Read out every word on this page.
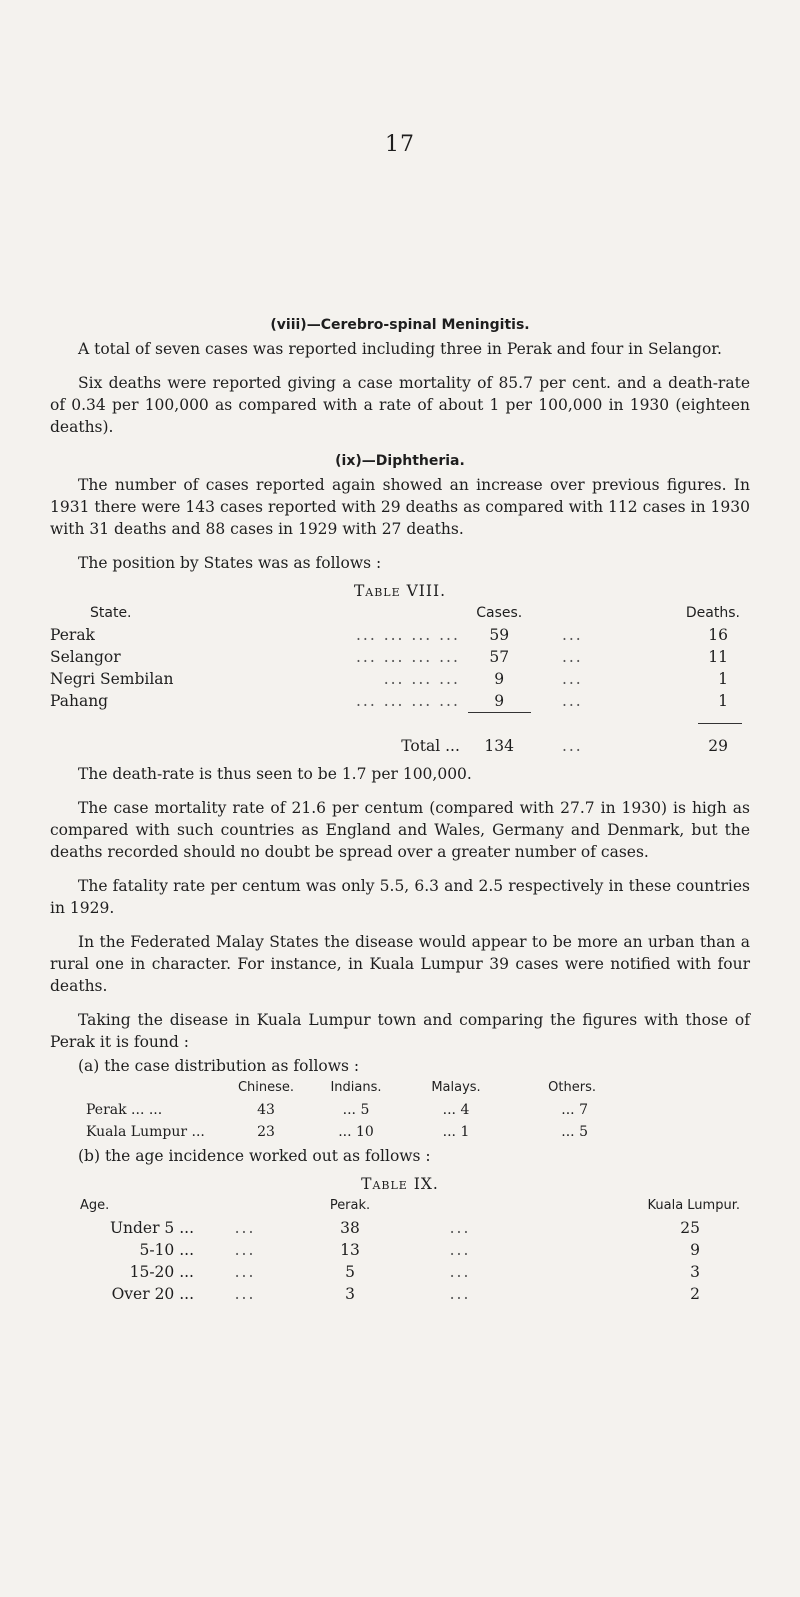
17
(viii)—Cerebro-spinal Meningitis.

A total of seven cases was reported including three in Perak and four in Selangor.

Six deaths were reported giving a case mortality of 85.7 per cent. and a death-rate of 0.34 per 100,000 as compared with a rate of about 1 per 100,000 in 1930 (eighteen deaths).

(ix)—Diphtheria.

The number of cases reported again showed an increase over previous figures. In 1931 there were 143 cases reported with 29 deaths as compared with 112 cases in 1930 with 31 deaths and 88 cases in 1929 with 27 deaths.

The position by States was as follows :

Table VIII.
State.		Cases.		Deaths.
Perak	... ... ... ...	59	...	16
Selangor	... ... ... ...	57	...	11
Negri Sembilan	... ... ...	9	...	1
Pahang	... ... ... ...	9	...	1

	Total ...	134	...	29

The death-rate is thus seen to be 1.7 per 100,000.

The case mortality rate of 21.6 per centum (compared with 27.7 in 1930) is high as compared with such countries as England and Wales, Germany and Denmark, but the deaths recorded should no doubt be spread over a greater number of cases.

The fatality rate per centum was only 5.5, 6.3 and 2.5 respectively in these countries in 1929.

In the Federated Malay States the disease would appear to be more an urban than a rural one in character. For instance, in Kuala Lumpur 39 cases were notified with four deaths.

Taking the disease in Kuala Lumpur town and comparing the figures with those of Perak it is found :

(a) the case distribution as follows :
	Chinese.	Indians.	Malays.	Others.
Perak ... ...	43	... 5	... 4	... 7
Kuala Lumpur ...	23	... 10	... 1	... 5
(b) the age incidence worked out as follows :
Table IX.
Age.		Perak.		Kuala Lumpur.
Under 5 ...	...	38	...	25
5-10 ...	...	13	...	9
15-20 ...	...	5	...	3
Over 20 ...	...	3	...	2
